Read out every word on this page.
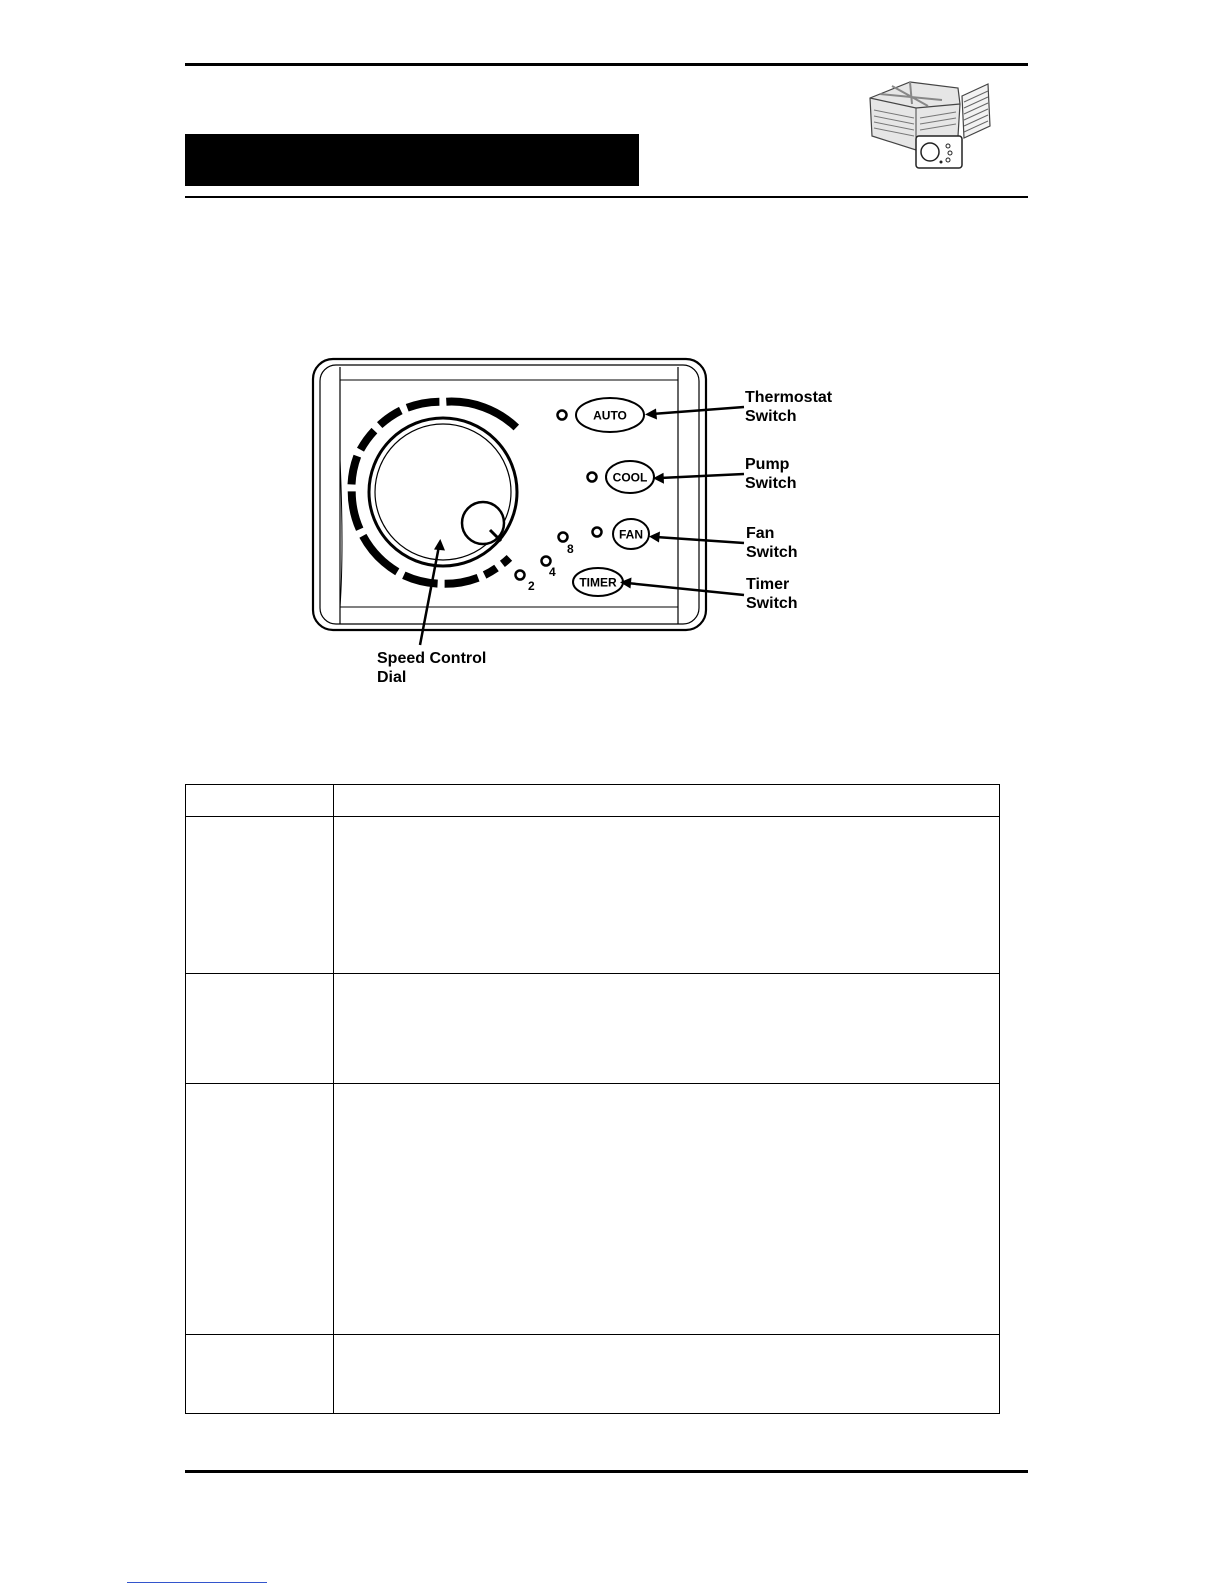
AUTO
COOL
FAN
TIMER
2
4
8
Thermostat
Switch
Pump
Switch
Fan
Switch
Timer
Switch
Speed Control
Dial
